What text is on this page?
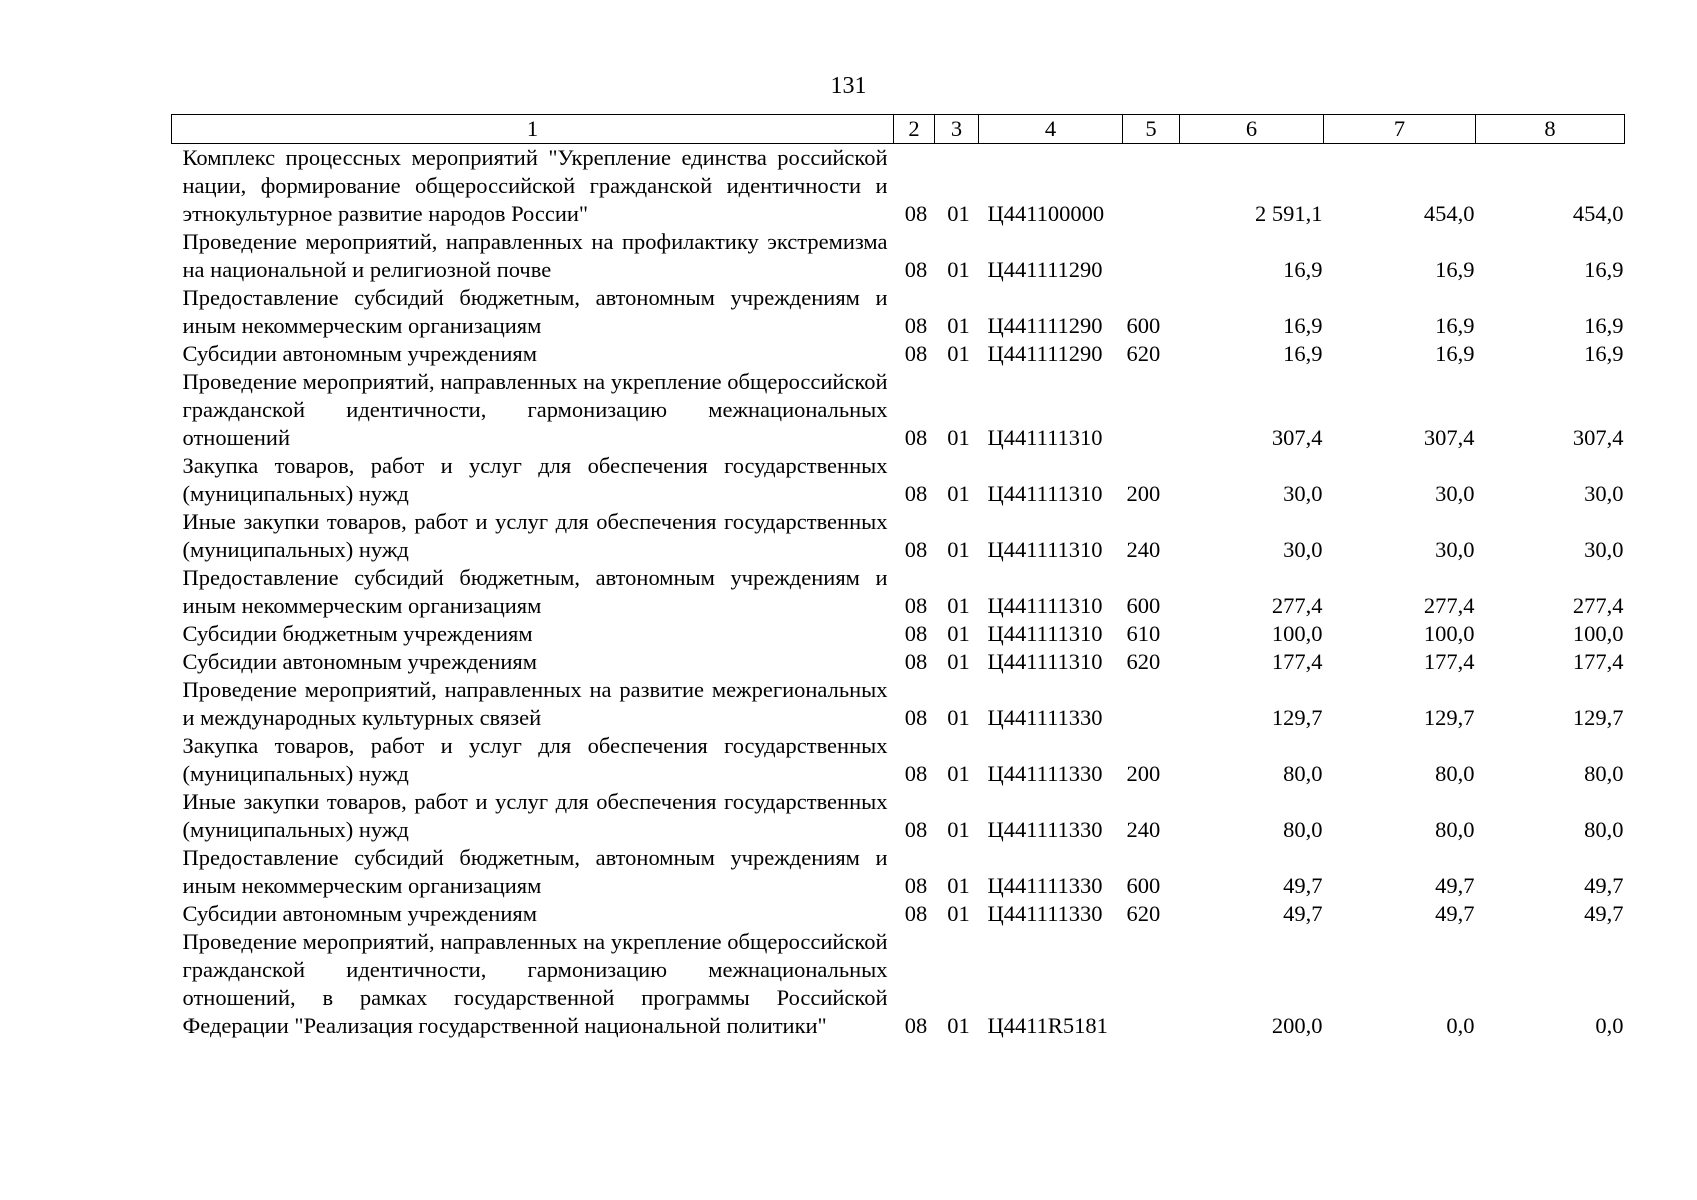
131
1	2	3	4	5	6	7	8
Комплекс процессных мероприятий "Укрепление единства российской нации, формирование общероссийской гражданской идентичности и этнокультурное развитие народов России"	08	01	Ц441100000		2 591,1	454,0	454,0
Проведение мероприятий, направленных на профилактику экстремизма на национальной и религиозной почве	08	01	Ц441111290		16,9	16,9	16,9
Предоставление субсидий бюджетным, автономным учреждениям и иным некоммерческим организациям	08	01	Ц441111290	600	16,9	16,9	16,9
Субсидии автономным учреждениям	08	01	Ц441111290	620	16,9	16,9	16,9
Проведение мероприятий, направленных на укрепление общероссийской гражданской идентичности, гармонизацию межнациональных отношений	08	01	Ц441111310		307,4	307,4	307,4
Закупка товаров, работ и услуг для обеспечения государственных (муниципальных) нужд	08	01	Ц441111310	200	30,0	30,0	30,0
Иные закупки товаров, работ и услуг для обеспечения государственных (муниципальных) нужд	08	01	Ц441111310	240	30,0	30,0	30,0
Предоставление субсидий бюджетным, автономным учреждениям и иным некоммерческим организациям	08	01	Ц441111310	600	277,4	277,4	277,4
Субсидии бюджетным учреждениям	08	01	Ц441111310	610	100,0	100,0	100,0
Субсидии автономным учреждениям	08	01	Ц441111310	620	177,4	177,4	177,4
Проведение мероприятий, направленных на развитие межрегиональных и международных культурных связей	08	01	Ц441111330		129,7	129,7	129,7
Закупка товаров, работ и услуг для обеспечения государственных (муниципальных) нужд	08	01	Ц441111330	200	80,0	80,0	80,0
Иные закупки товаров, работ и услуг для обеспечения государственных (муниципальных) нужд	08	01	Ц441111330	240	80,0	80,0	80,0
Предоставление субсидий бюджетным, автономным учреждениям и иным некоммерческим организациям	08	01	Ц441111330	600	49,7	49,7	49,7
Субсидии автономным учреждениям	08	01	Ц441111330	620	49,7	49,7	49,7
Проведение мероприятий, направленных на укрепление общероссийской гражданской идентичности, гармонизацию межнациональных отношений, в рамках государственной программы Российской Федерации "Реализация государственной национальной политики"	08	01	Ц4411R5181		200,0	0,0	0,0
